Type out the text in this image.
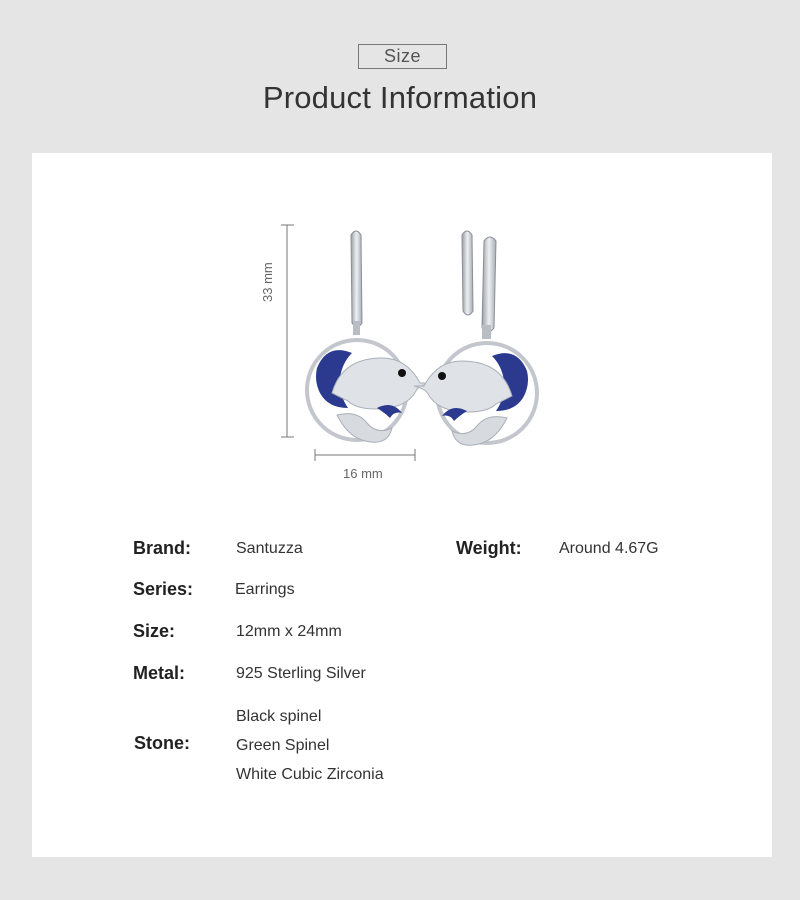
Size
Product Information
33 mm
16 mm
Brand:	Santuzza	Weight: Around 4.67G
Series:	Earrings
Size:	12mm x 24mm
Metal:	925 Sterling Silver
Stone:
Black spinel
Green Spinel
White Cubic Zirconia
